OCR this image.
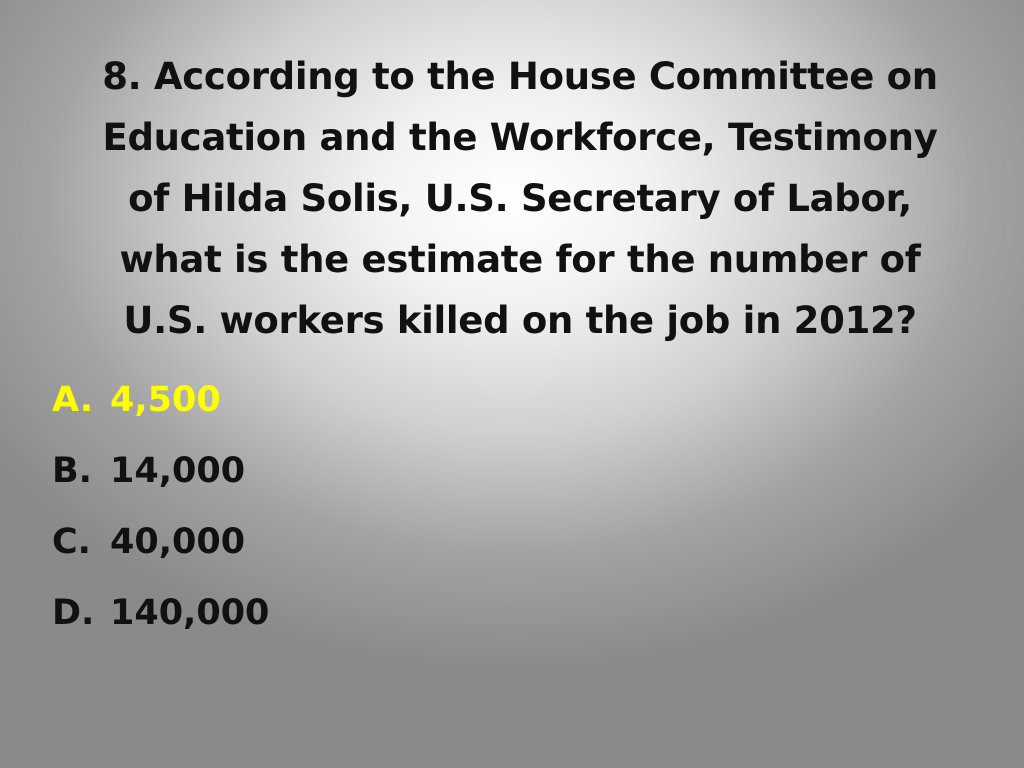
8. According to the House Committee on
Education and the Workforce, Testimony
of Hilda Solis, U.S. Secretary of Labor,
what is the estimate for the number of
U.S. workers killed on the job in 2012?
A. 4,500
B. 14,000
C. 40,000
D. 140,000
